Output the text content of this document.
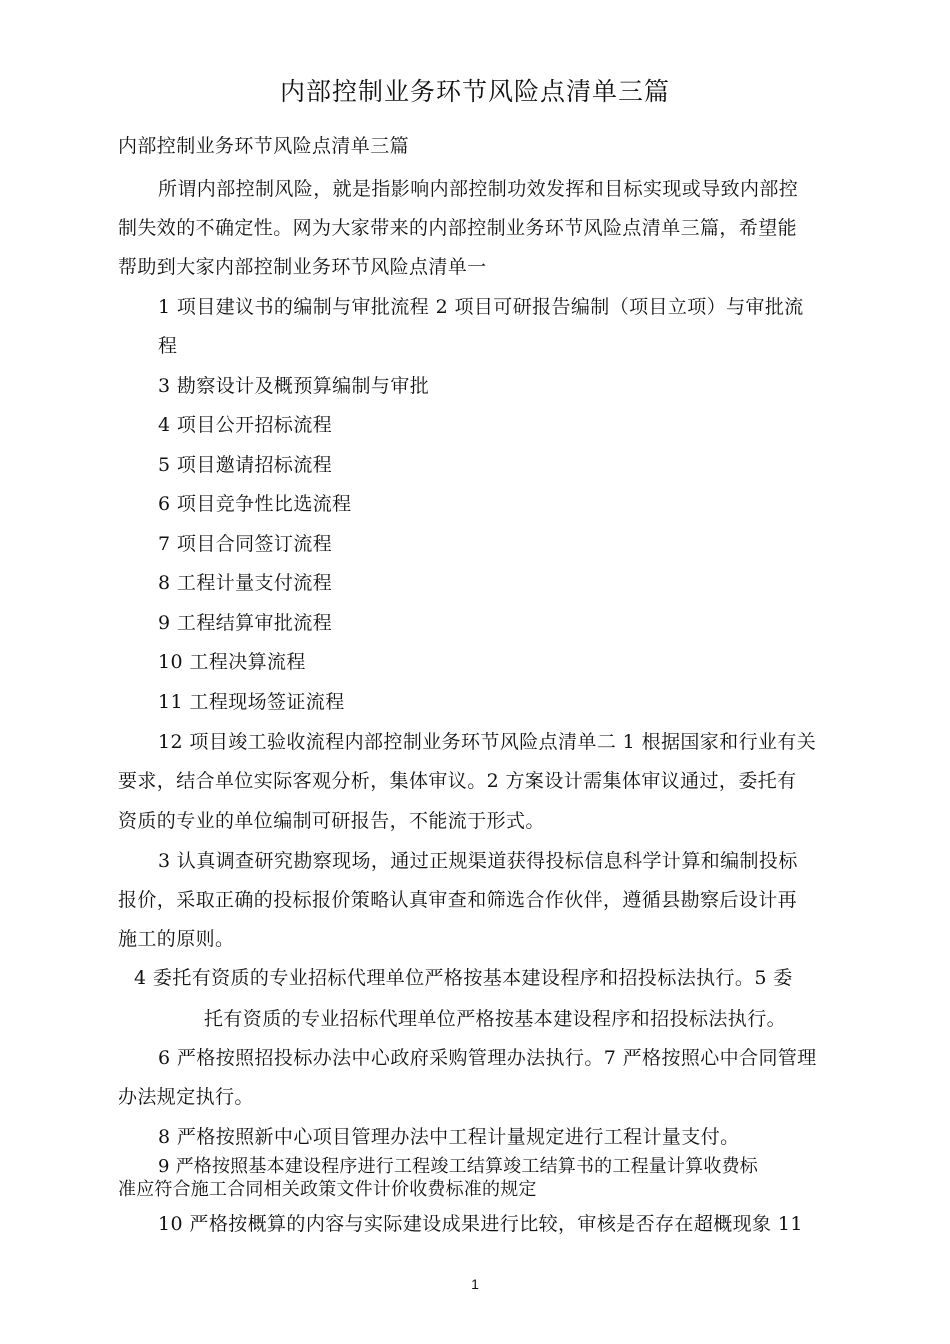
内部控制业务环节风险点清单三篇

内部控制业务环节风险点清单三篇

所谓内部控制风险，就是指影响内部控制功效发挥和目标实现或导致内部控

制失效的不确定性。网为大家带来的内部控制业务环节风险点清单三篇，希望能

帮助到大家内部控制业务环节风险点清单一

1 项目建议书的编制与审批流程 2 项目可研报告编制（项目立项）与审批流

程

3 勘察设计及概预算编制与审批

4 项目公开招标流程

5 项目邀请招标流程

6 项目竞争性比选流程

7 项目合同签订流程

8 工程计量支付流程

9 工程结算审批流程

10 工程决算流程

11 工程现场签证流程

12 项目竣工验收流程内部控制业务环节风险点清单二 1 根据国家和行业有关

要求，结合单位实际客观分析，集体审议。2 方案设计需集体审议通过，委托有

资质的专业的单位编制可研报告，不能流于形式。

3 认真调查研究勘察现场，通过正规渠道获得投标信息科学计算和编制投标

报价，采取正确的投标报价策略认真审查和筛选合作伙伴，遵循县勘察后设计再

施工的原则。

4 委托有资质的专业招标代理单位严格按基本建设程序和招投标法执行。5 委

托有资质的专业招标代理单位严格按基本建设程序和招投标法执行。

6 严格按照招投标办法中心政府采购管理办法执行。7 严格按照心中合同管理

办法规定执行。

8 严格按照新中心项目管理办法中工程计量规定进行工程计量支付。

9 严格按照基本建设程序进行工程竣工结算竣工结算书的工程量计算收费标

准应符合施工合同相关政策文件计价收费标准的规定

10 严格按概算的内容与实际建设成果进行比较，审核是否存在超概现象 11

1
